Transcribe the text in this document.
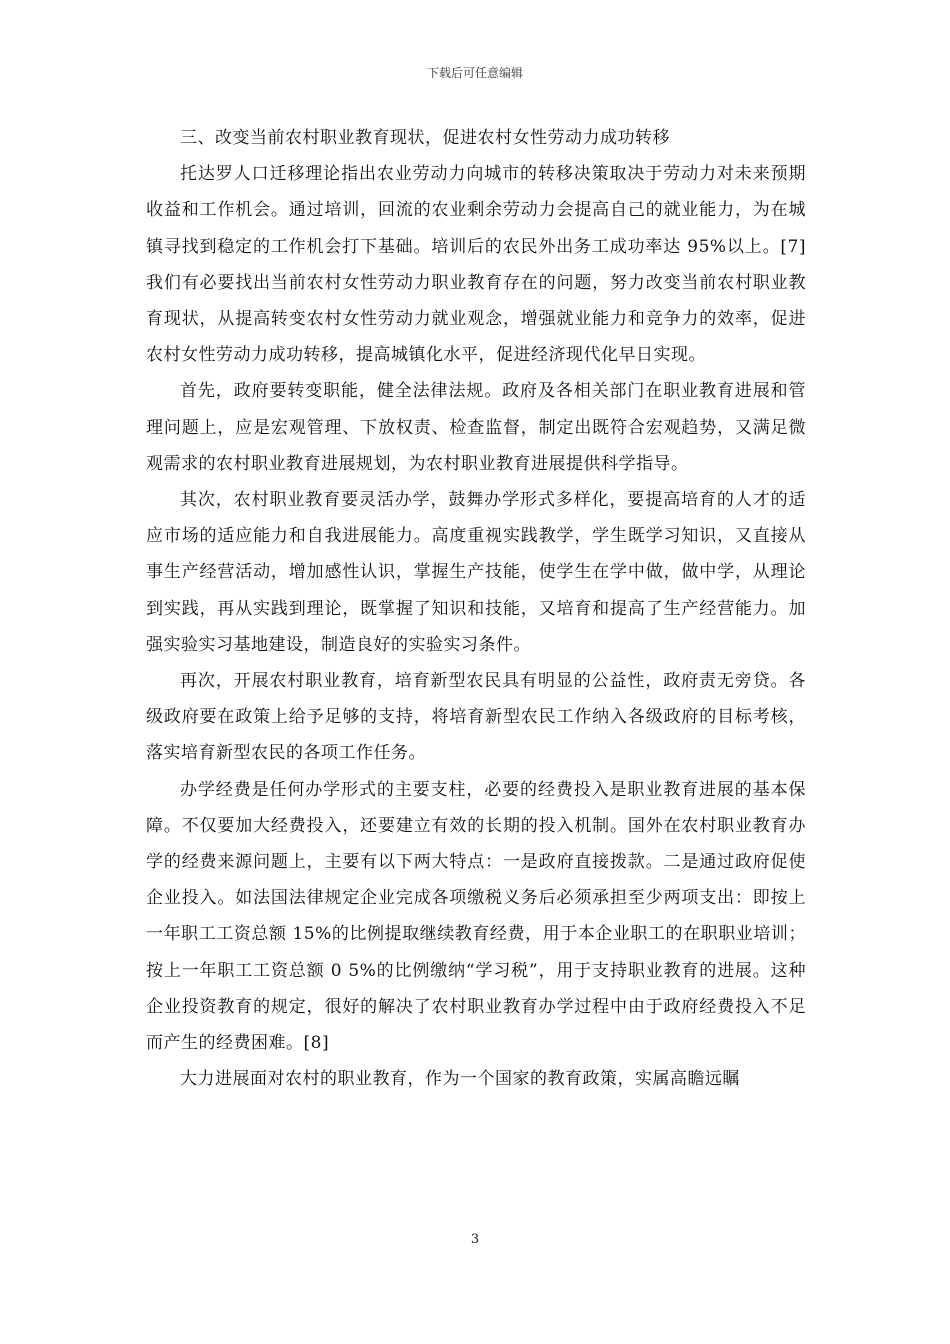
下载后可任意编辑

三、改变当前农村职业教育现状，促进农村女性劳动力成功转移

托达罗人口迁移理论指出农业劳动力向城市的转移决策取决于劳动力对未来预期收益和工作机会。通过培训，回流的农业剩余劳动力会提高自己的就业能力，为在城镇寻找到稳定的工作机会打下基础。培训后的农民外出务工成功率达 95%以上。[7]我们有必要找出当前农村女性劳动力职业教育存在的问题，努力改变当前农村职业教育现状，从提高转变农村女性劳动力就业观念，增强就业能力和竞争力的效率，促进农村女性劳动力成功转移，提高城镇化水平，促进经济现代化早日实现。

首先，政府要转变职能，健全法律法规。政府及各相关部门在职业教育进展和管理问题上，应是宏观管理、下放权责、检查监督，制定出既符合宏观趋势，又满足微观需求的农村职业教育进展规划，为农村职业教育进展提供科学指导。

其次，农村职业教育要灵活办学，鼓舞办学形式多样化，要提高培育的人才的适应市场的适应能力和自我进展能力。高度重视实践教学，学生既学习知识，又直接从事生产经营活动，增加感性认识，掌握生产技能，使学生在学中做，做中学，从理论到实践，再从实践到理论，既掌握了知识和技能，又培育和提高了生产经营能力。加强实验实习基地建设，制造良好的实验实习条件。

再次，开展农村职业教育，培育新型农民具有明显的公益性，政府责无旁贷。各级政府要在政策上给予足够的支持，将培育新型农民工作纳入各级政府的目标考核，落实培育新型农民的各项工作任务。

办学经费是任何办学形式的主要支柱，必要的经费投入是职业教育进展的基本保障。不仅要加大经费投入，还要建立有效的长期的投入机制。国外在农村职业教育办学的经费来源问题上，主要有以下两大特点：一是政府直接拨款。二是通过政府促使企业投入。如法国法律规定企业完成各项缴税义务后必须承担至少两项支出：即按上一年职工工资总额 15%的比例提取继续教育经费，用于本企业职工的在职职业培训；按上一年职工工资总额 0 5%的比例缴纳“学习税”，用于支持职业教育的进展。这种企业投资教育的规定，很好的解决了农村职业教育办学过程中由于政府经费投入不足而产生的经费困难。[8]

大力进展面对农村的职业教育，作为一个国家的教育政策，实属高瞻远瞩

3
